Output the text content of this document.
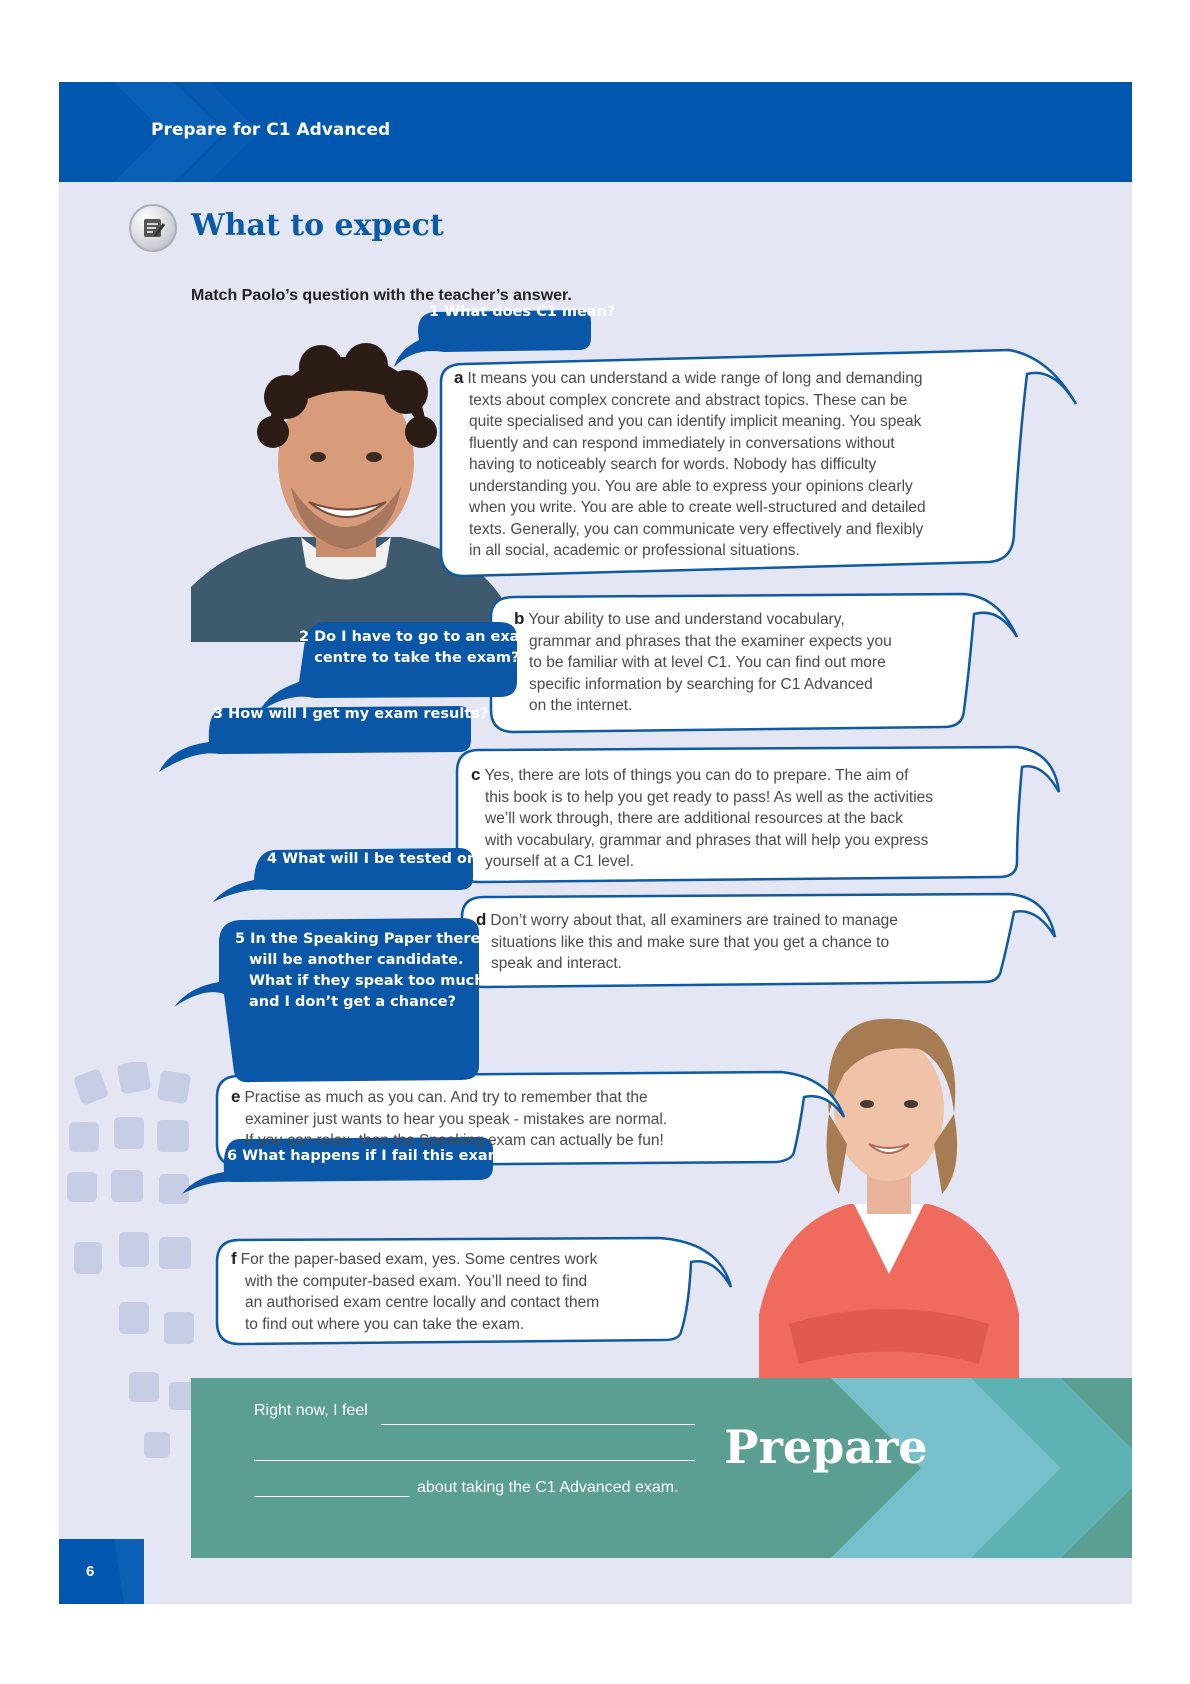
Prepare for C1 Advanced
What to expect
Match Paolo’s question with the teacher’s answer.
1 What does C1 mean?
2 Do I have to go to an exam
centre to take the exam?
3 How will I get my exam results?
4 What will I be tested on?
5 In the Speaking Paper there
will be another candidate.
What if they speak too much
and I don’t get a chance?
6 What happens if I fail this exam?
a It means you can understand a wide range of long and demanding
texts about complex concrete and abstract topics. These can be
quite specialised and you can identify implicit meaning. You speak
fluently and can respond immediately in conversations without
having to noticeably search for words. Nobody has difficulty
understanding you. You are able to express your opinions clearly
when you write. You are able to create well-structured and detailed
texts. Generally, you can communicate very effectively and flexibly
in all social, academic or professional situations.
b Your ability to use and understand vocabulary,
grammar and phrases that the examiner expects you
to be familiar with at level C1. You can find out more
specific information by searching for C1 Advanced
on the internet.
c Yes, there are lots of things you can do to prepare. The aim of
this book is to help you get ready to pass! As well as the activities
we’ll work through, there are additional resources at the back
with vocabulary, grammar and phrases that will help you express
yourself at a C1 level.
d Don’t worry about that, all examiners are trained to manage
situations like this and make sure that you get a chance to
speak and interact.
e Practise as much as you can. And try to remember that the
examiner just wants to hear you speak - mistakes are normal.
If you can relax, then the Speaking exam can actually be fun!
f For the paper-based exam, yes. Some centres work
with the computer-based exam. You’ll need to find
an authorised exam centre locally and contact them
to find out where you can take the exam.
Right now, I feel
about taking the C1 Advanced exam.
Prepare
6
